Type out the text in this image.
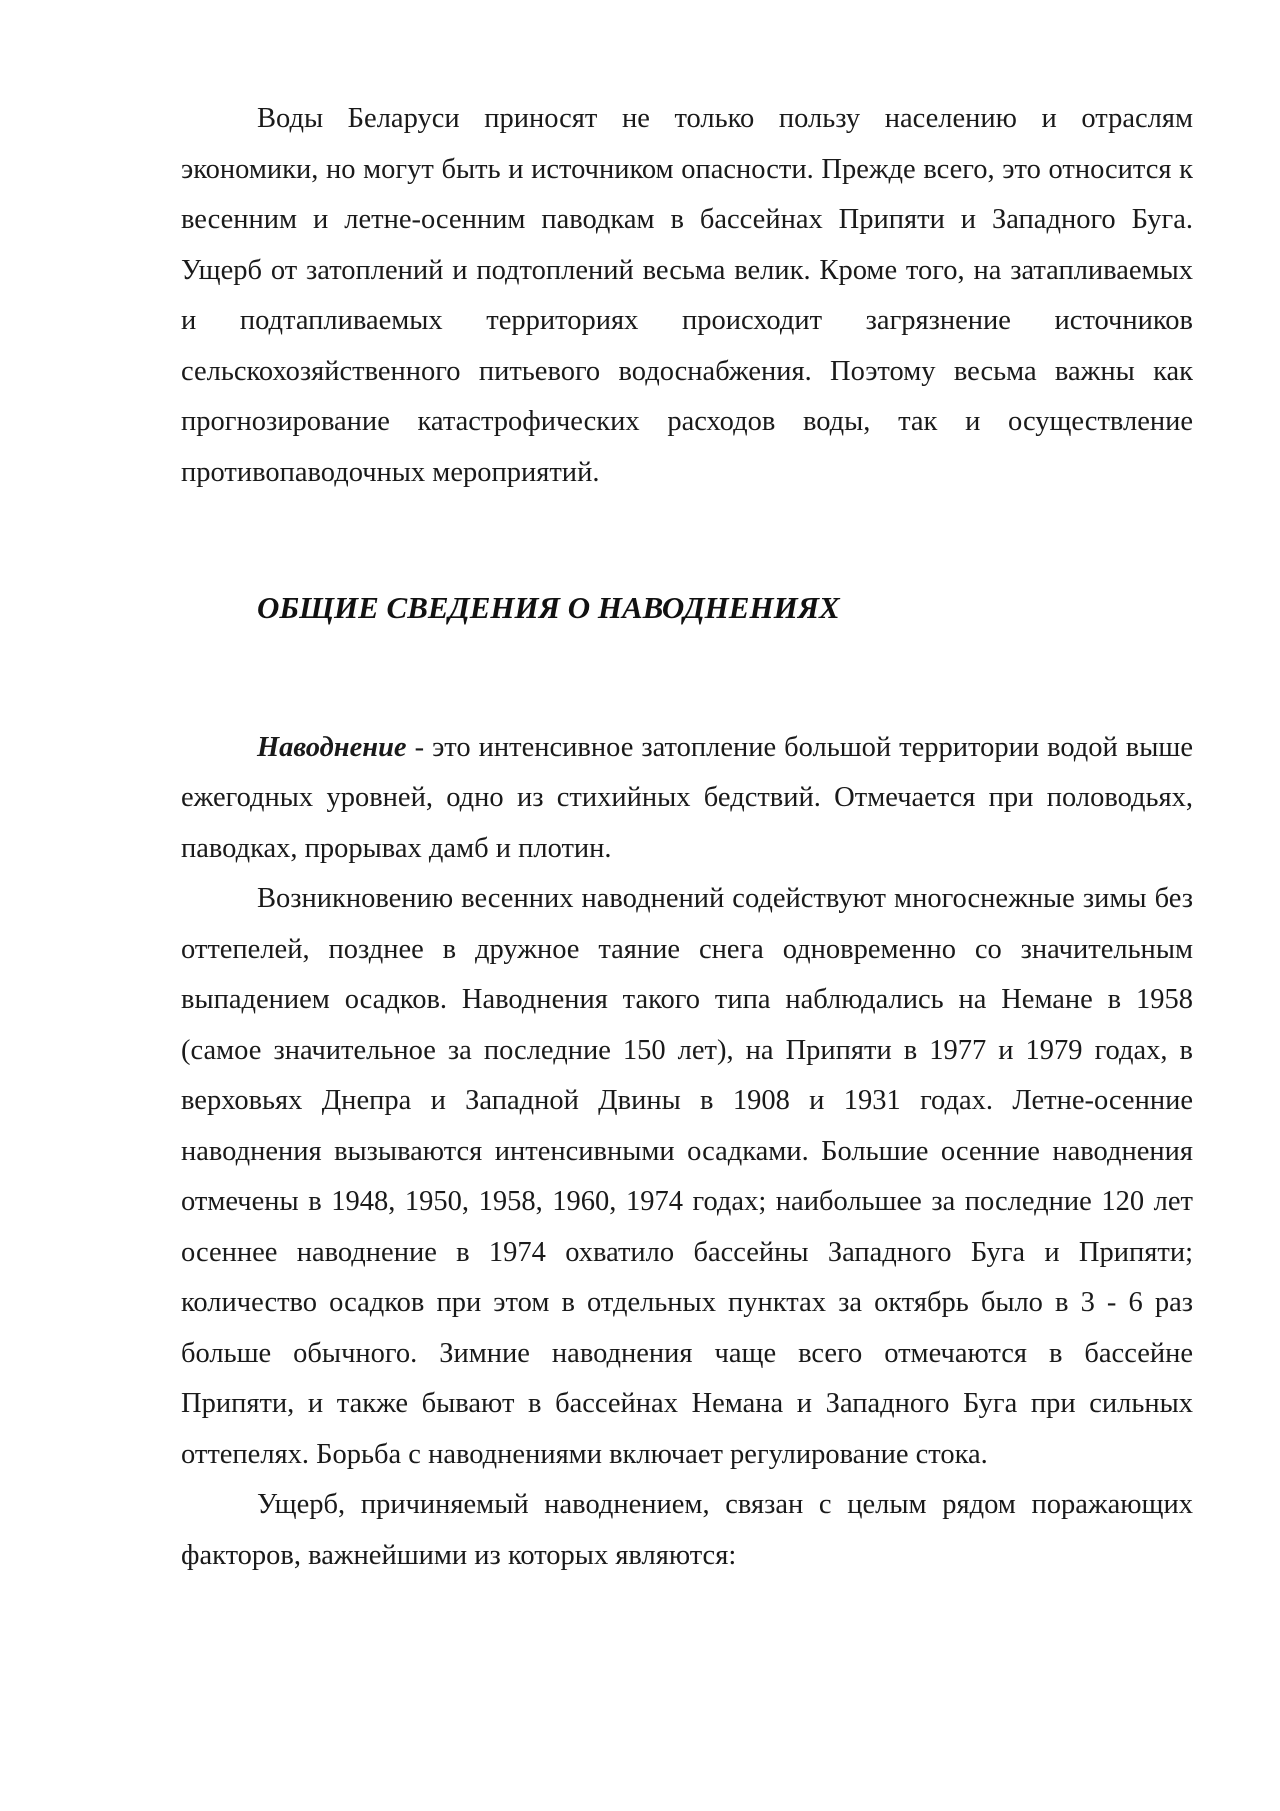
Воды Беларуси приносят не только пользу населению и отраслям экономики, но могут быть и источником опасности. Прежде всего, это относится к весенним и летне-осенним паводкам в бассейнах Припяти и Западного Буга. Ущерб от затоплений и подтоплений весьма велик. Кроме того, на затапливаемых и подтапливаемых территориях происходит загрязнение источников сельскохозяйственного питьевого водоснабжения. Поэтому весьма важны как прогнозирование катастрофических расходов воды, так и осуществление противопаводочных мероприятий.

ОБЩИЕ СВЕДЕНИЯ О НАВОДНЕНИЯХ

Наводнение - это интенсивное затопление большой территории водой выше ежегодных уровней, одно из стихийных бедствий. Отмечается при половодьях, паводках, прорывах дамб и плотин.

Возникновению весенних наводнений содействуют многоснежные зимы без оттепелей, позднее в дружное таяние снега одновременно со значительным выпадением осадков. Наводнения такого типа наблюдались на Немане в 1958 (самое значительное за последние 150 лет), на Припяти в 1977 и 1979 годах, в верховьях Днепра и Западной Двины в 1908 и 1931 годах. Летне-осенние наводнения вызываются интенсивными осадками. Большие осенние наводнения отмечены в 1948, 1950, 1958, 1960, 1974 годах; наибольшее за последние 120 лет осеннее наводнение в 1974 охватило бассейны Западного Буга и Припяти; количество осадков при этом в отдельных пунктах за октябрь было в 3 - 6 раз больше обычного. Зимние наводнения чаще всего отмечаются в бассейне Припяти, и также бывают в бассейнах Немана и Западного Буга при сильных оттепелях. Борьба с наводнениями включает регулирование стока.

Ущерб, причиняемый наводнением, связан с целым рядом поражающих факторов, важнейшими из которых являются:
